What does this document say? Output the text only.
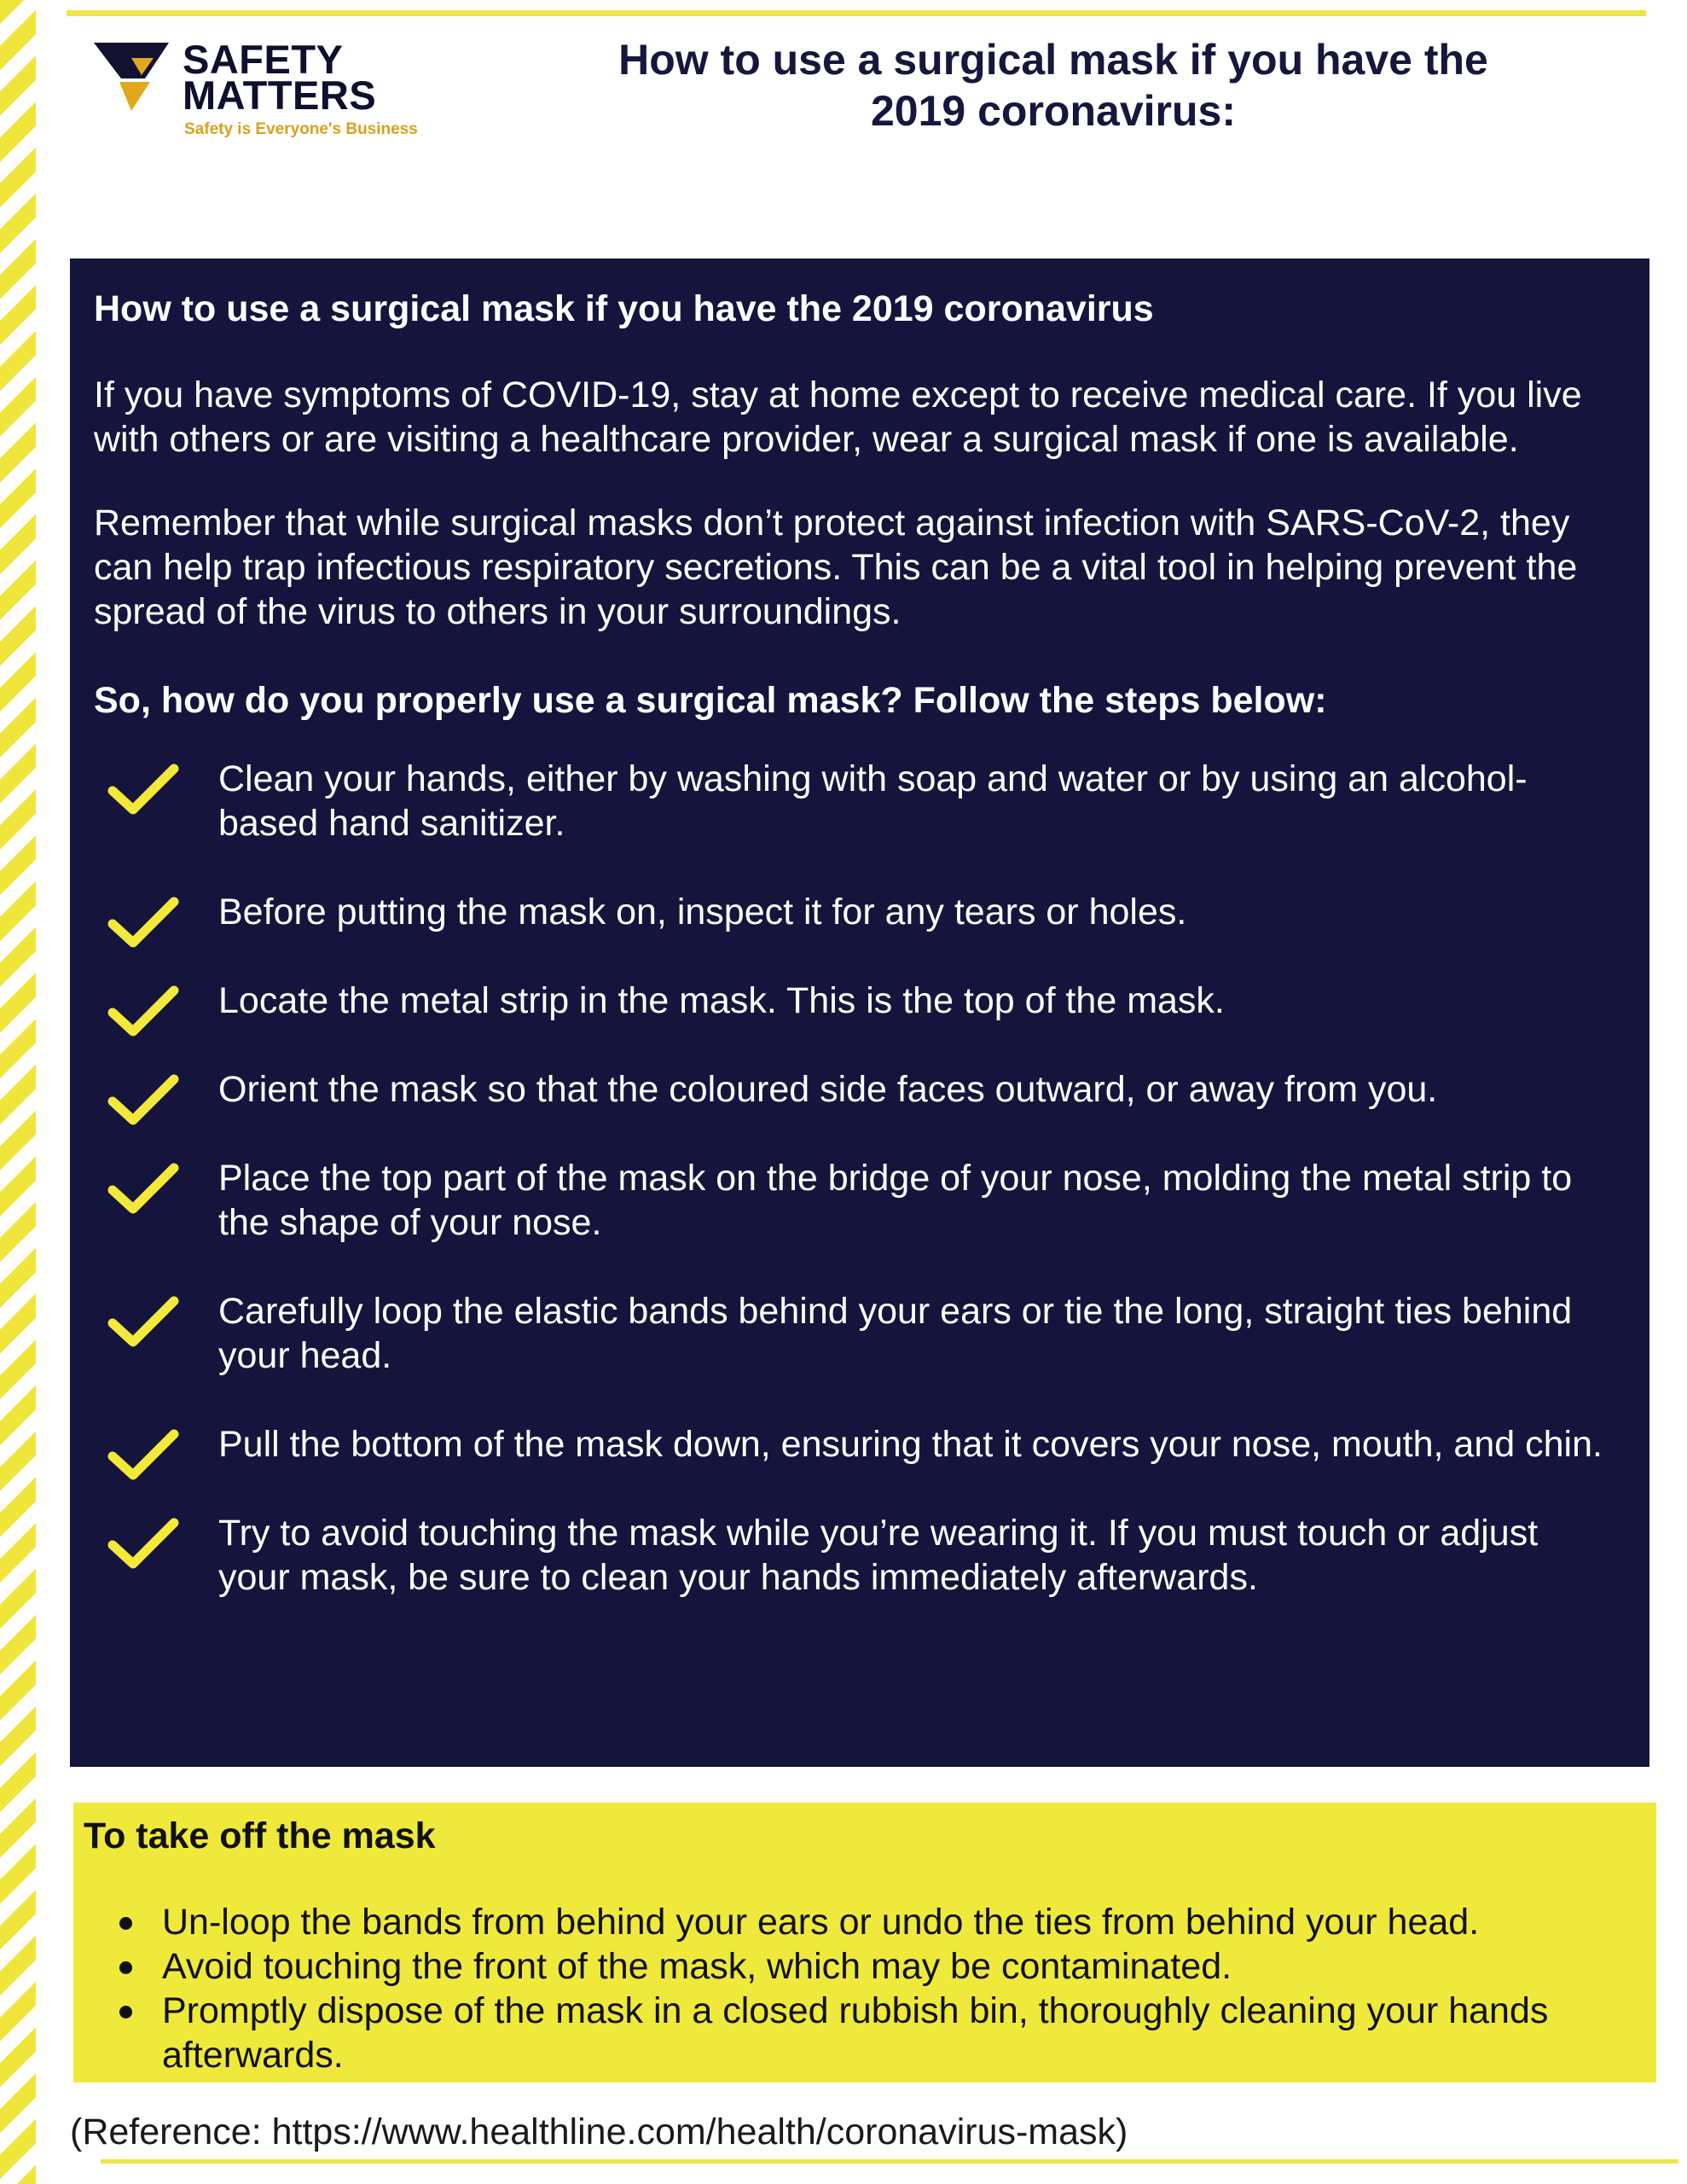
SAFETY
MATTERS
Safety is Everyone's Business
How to use a surgical mask if you have the
2019 coronavirus:
How to use a surgical mask if you have the 2019 coronavirus

If you have symptoms of COVID-19, stay at home except to receive medical care. If you live with others or are visiting a healthcare provider, wear a surgical mask if one is available.

Remember that while surgical masks don’t protect against infection with SARS-CoV-2, they can help trap infectious respiratory secretions. This can be a vital tool in helping prevent the spread of the virus to others in your surroundings.

So, how do you properly use a surgical mask? Follow the steps below:

Clean your hands, either by washing with soap and water or by using an alcohol-based hand sanitizer.
Before putting the mask on, inspect it for any tears or holes.
Locate the metal strip in the mask. This is the top of the mask.
Orient the mask so that the coloured side faces outward, or away from you.
Place the top part of the mask on the bridge of your nose, molding the metal strip to the shape of your nose.
Carefully loop the elastic bands behind your ears or tie the long, straight ties behind your head.
Pull the bottom of the mask down, ensuring that it covers your nose, mouth, and chin.
Try to avoid touching the mask while you’re wearing it. If you must touch or adjust your mask, be sure to clean your hands immediately afterwards.
To take off the mask
Un-loop the bands from behind your ears or undo the ties from behind your head.
Avoid touching the front of the mask, which may be contaminated.
Promptly dispose of the mask in a closed rubbish bin, thoroughly cleaning your hands afterwards.
(Reference: https://www.healthline.com/health/coronavirus-mask)
